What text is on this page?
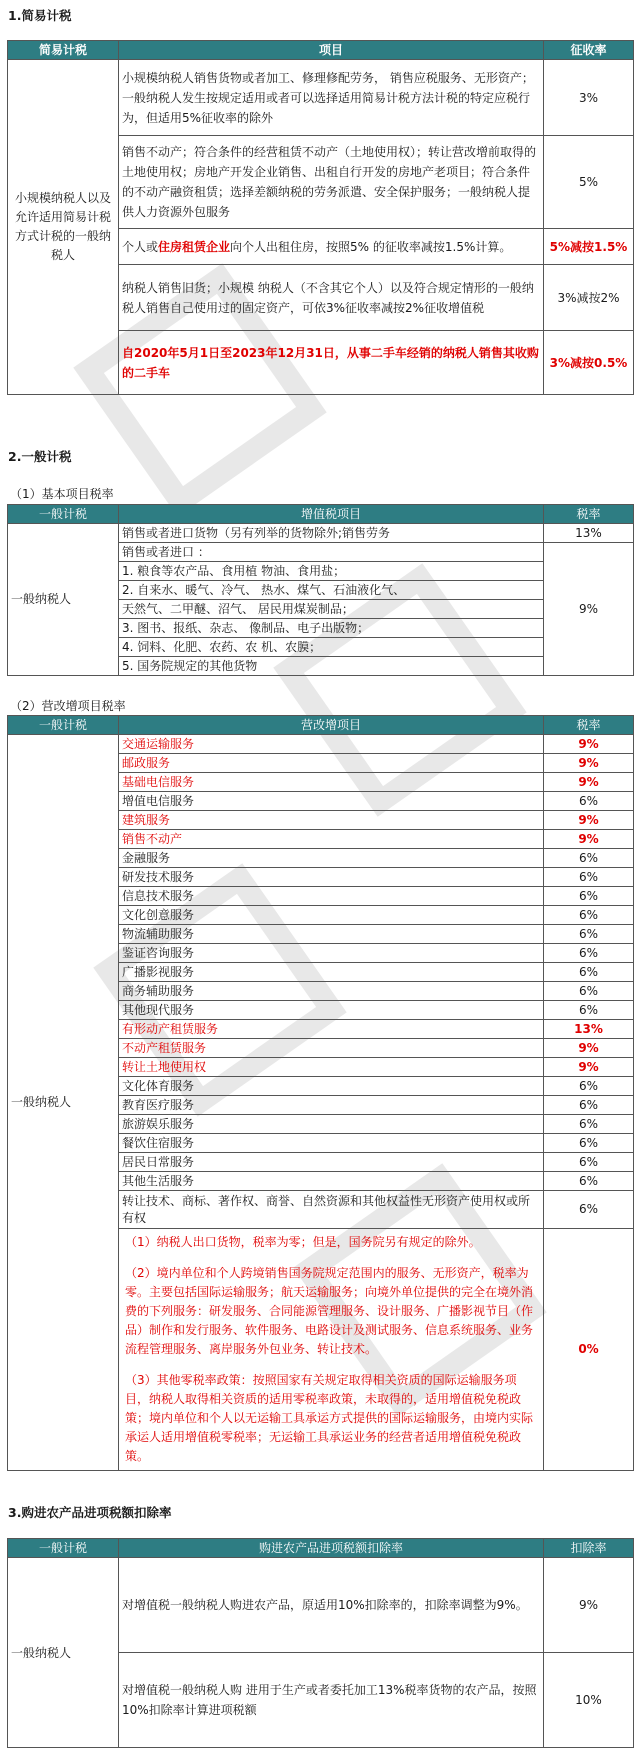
1.简易计税
简易计税	项目	征收率
小规模纳税人以及允许适用简易计税方式计税的一般纳税人	小规模纳税人销售货物或者加工、修理修配劳务， 销售应税服务、无形资产；一般纳税人发生按规定适用或者可以选择适用简易计税方法计税的特定应税行为，但适用5%征收率的除外	3%
	销售不动产；符合条件的经营租赁不动产（土地使用权）；转让营改增前取得的土地使用权；房地产开发企业销售、出租自行开发的房地产老项目；符合条件的不动产融资租赁；选择差额纳税的劳务派遣、安全保护服务；一般纳税人提供人力资源外包服务	5%
	个人或住房租赁企业向个人出租住房，按照5% 的征收率减按1.5%计算。	5%减按1.5%
	纳税人销售旧货；小规模 纳税人（不含其它个人）以及符合规定情形的一般纳税人销售自己使用过的固定资产，可依3%征收率减按2%征收增值税	3%减按2%
	自2020年5月1日至2023年12月31日，从事二手车经销的纳税人销售其收购的二手车	3%减按0.5%
2.一般计税
（1）基本项目税率
一般计税	增值税项目	税率
一般纳税人	销售或者进口货物（另有列举的货物除外;销售劳务	13%
	销售或者进口 ：	9%
	1. 粮食等农产品、食用植 物油、食用盐；	
	2. 自来水、暖气、冷气、 热水、煤气、石油液化气、	
	天然气、二甲醚、沼气、 居民用煤炭制品；	
	3. 图书、报纸、杂志、 像制品、电子出版物；	
	4. 饲料、化肥、农药、农 机、农膜；	
	5. 国务院规定的其他货物	
（2）营改增项目税率
一般计税	营改增项目	税率
一般纳税人	交通运输服务	9%
	邮政服务	9%
	基础电信服务	9%
	增值电信服务	6%
	建筑服务	9%
	销售不动产	9%
	金融服务	6%
	研发技术服务	6%
	信息技术服务	6%
	文化创意服务	6%
	物流辅助服务	6%
	鉴证咨询服务	6%
	广播影视服务	6%
	商务辅助服务	6%
	其他现代服务	6%
	有形动产租赁服务	13%
	不动产租赁服务	9%
	转让土地使用权	9%
	文化体育服务	6%
	教育医疗服务	6%
	旅游娱乐服务	6%
	餐饮住宿服务	6%
	居民日常服务	6%
	其他生活服务	6%
	转让技术、商标、著作权、商誉、自然资源和其他权益性无形资产使用权或所有权	6%

	（1）纳税人出口货物，税率为零；但是，国务院另有规定的除外。
（2）境内单位和个人跨境销售国务院规定范围内的服务、无形资产，税率为零。主要包括国际运输服务；航天运输服务；向境外单位提供的完全在境外消费的下列服务：研发服务、合同能源管理服务、设计服务、广播影视节目（作品）制作和发行服务、软件服务、电路设计及测试服务、信息系统服务、业务流程管理服务、离岸服务外包业务、转让技术。
（3）其他零税率政策：按照国家有关规定取得相关资质的国际运输服务项目，纳税人取得相关资质的适用零税率政策，未取得的，适用增值税免税政策；境内单位和个人以无运输工具承运方式提供的国际运输服务，由境内实际承运人适用增值税零税率；无运输工具承运业务的经营者适用增值税免税政策。	0%
3.购进农产品进项税额扣除率
一般计税	购进农产品进项税额扣除率	扣除率
一般纳税人	对增值税一般纳税人购进农产品，原适用10%扣除率的，扣除率调整为9%。	9%
	对增值税一般纳税人购 进用于生产或者委托加工13%税率货物的农产品，按照10%扣除率计算进项税额	10%
